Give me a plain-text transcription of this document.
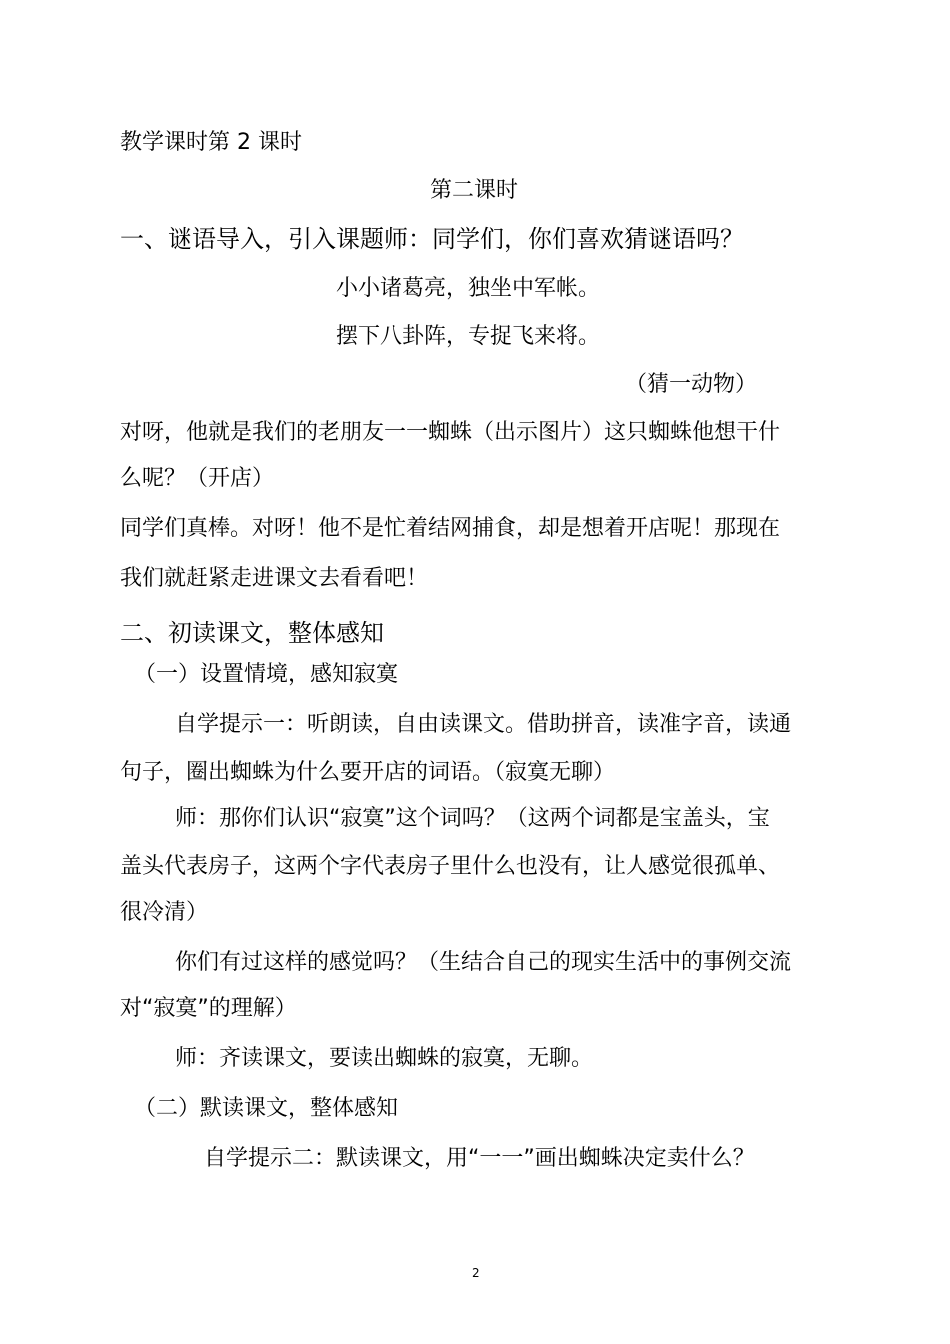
教学课时第 2 课时
第二课时
一、谜语导入，引入课题师：同学们，你们喜欢猜谜语吗？
小小诸葛亮，独坐中军帐。
摆下八卦阵，专捉飞来将。
（猜一动物）
对呀，他就是我们的老朋友一一蜘蛛（出示图片）这只蜘蛛他想干什
么呢？（开店）
同学们真棒。对呀！他不是忙着结网捕食，却是想着开店呢！那现在
我们就赶紧走进课文去看看吧！
二、初读课文，整体感知
（一）设置情境，感知寂寞
自学提示一：听朗读，自由读课文。借助拼音，读准字音，读通
句子，圈出蜘蛛为什么要开店的词语。（寂寞无聊）
师：那你们认识“寂寞”这个词吗？（这两个词都是宝盖头，宝
盖头代表房子，这两个字代表房子里什么也没有，让人感觉很孤单、
很冷清）
你们有过这样的感觉吗？（生结合自己的现实生活中的事例交流
对“寂寞”的理解）
师：齐读课文，要读出蜘蛛的寂寞，无聊。
（二）默读课文，整体感知
自学提示二：默读课文，用“一一”画出蜘蛛决定卖什么？
2
